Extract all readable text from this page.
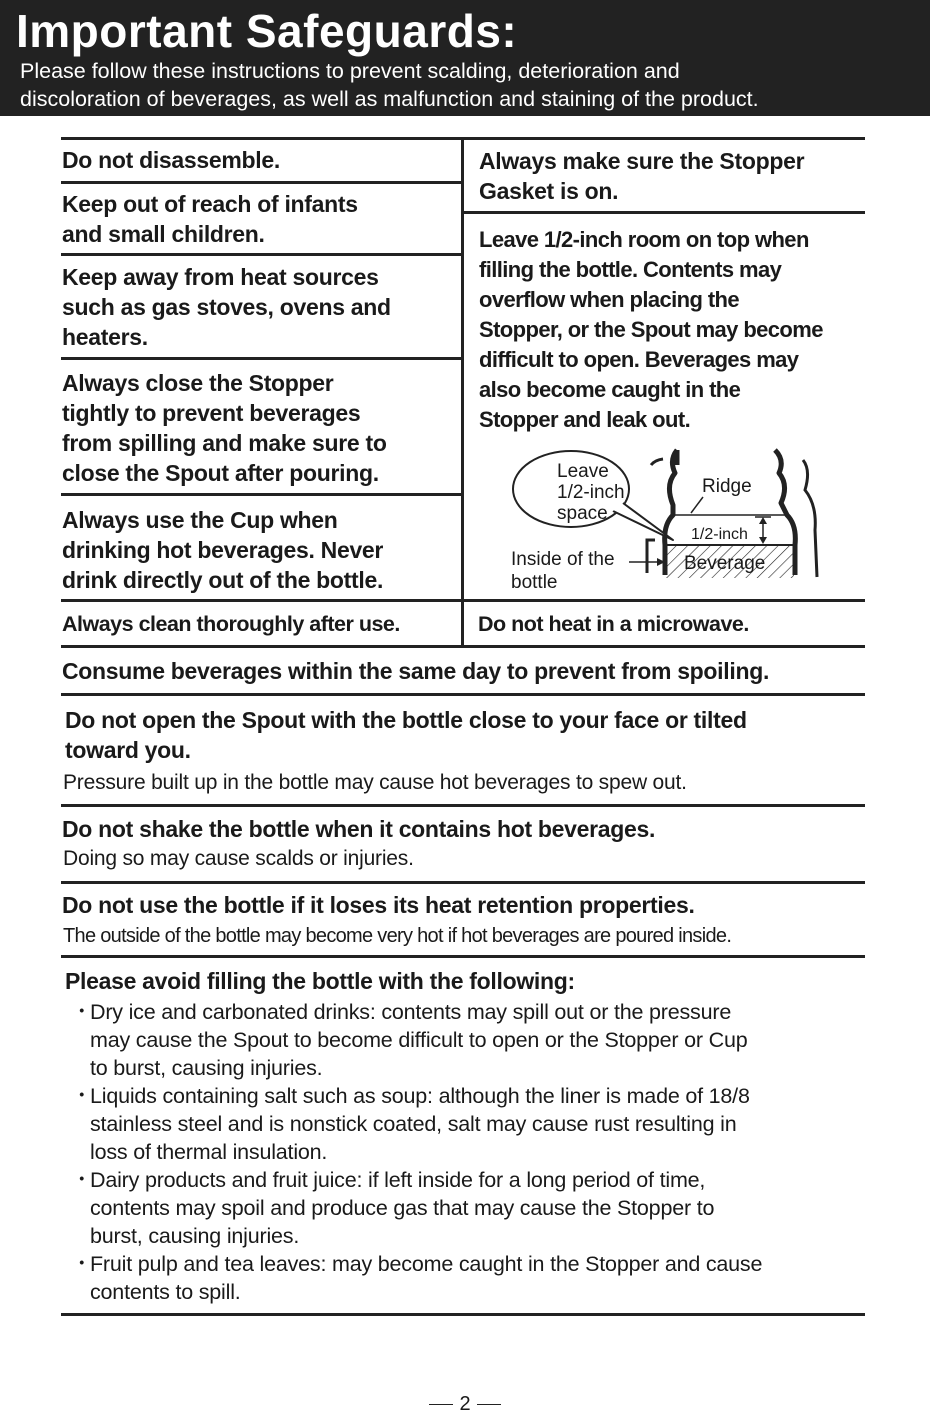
Important Safeguards:
Please follow these instructions to prevent scalding, deterioration and
discoloration of beverages, as well as malfunction and staining of the product.
Do not disassemble.
Keep out of reach of infants
and small children.
Keep away from heat sources
such as gas stoves, ovens and
heaters.
Always close the Stopper
tightly to prevent beverages
from spilling and make sure to
close the Spout after pouring.
Always use the Cup when
drinking hot beverages. Never
drink directly out of the bottle.
Always clean thoroughly after use.
Always make sure the Stopper
Gasket is on.
Leave 1/2-inch room on top when
filling the bottle. Contents may
overflow when placing the
Stopper, or the Spout may become
difficult to open. Beverages may
also become caught in the
Stopper and leak out.
Leave
1/2-inch
space
Ridge
1/2-inch
Beverage
Inside of the
bottle
Do not heat in a microwave.
Consume beverages within the same day to prevent from spoiling.
Do not open the Spout with the bottle close to your face or tilted
toward you.
Pressure built up in the bottle may cause hot beverages to spew out.
Do not shake the bottle when it contains hot beverages.
Doing so may cause scalds or injuries.
Do not use the bottle if it loses its heat retention properties.
The outside of the bottle may become very hot if hot beverages are poured inside.
Please avoid filling the bottle with the following:
・
Dry ice and carbonated drinks: contents may spill out or the pressure
may cause the Spout to become difficult to open or the Stopper or Cup
to burst, causing injuries.
・
Liquids containing salt such as soup: although the liner is made of 18/8
stainless steel and is nonstick coated, salt may cause rust resulting in
loss of thermal insulation.
・
Dairy products and fruit juice: if left inside for a long period of time,
contents may spoil and produce gas that may cause the Stopper to
burst, causing injuries.
・
Fruit pulp and tea leaves: may become caught in the Stopper and cause
contents to spill.
2
